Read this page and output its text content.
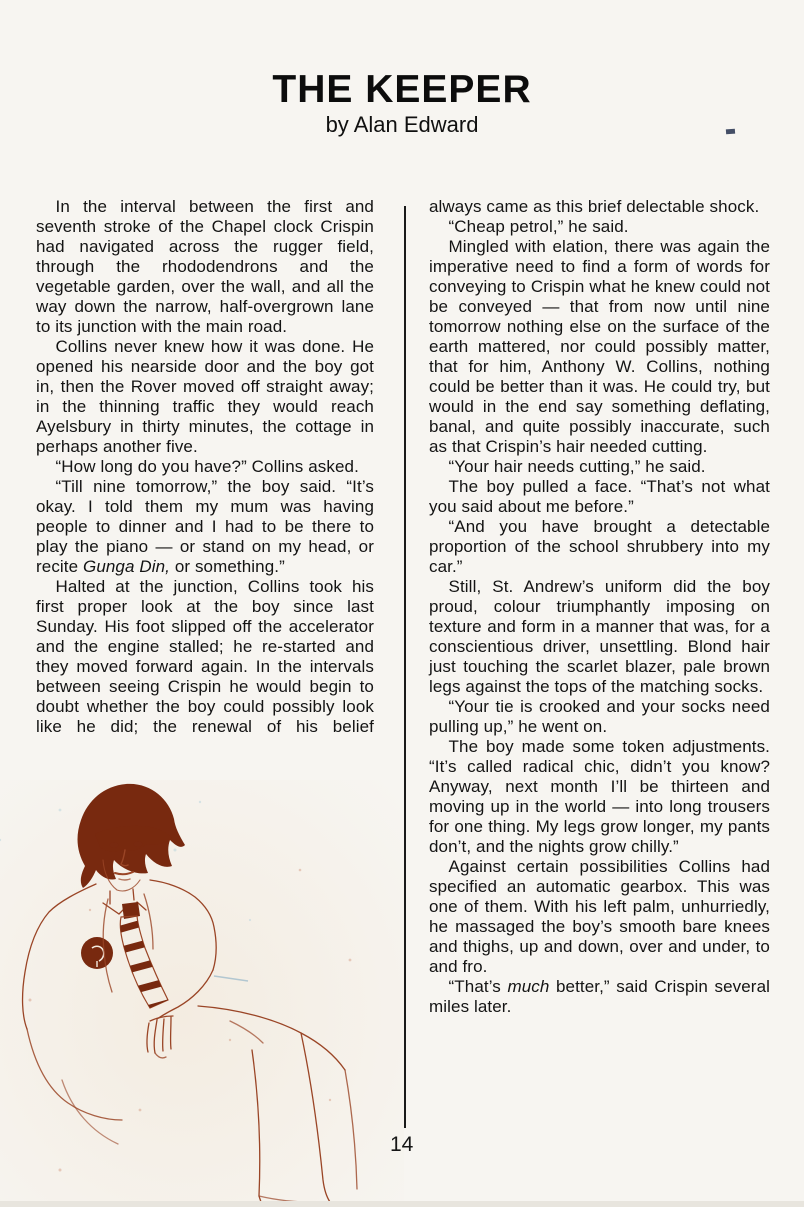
THE KEEPER
by Alan Edward

In the interval between the first and seventh stroke of the Chapel clock Crispin had navigated across the rugger field, through the rhododendrons and the vegetable garden, over the wall, and all the way down the narrow, half-overgrown lane to its junction with the main road.

Collins never knew how it was done. He opened his nearside door and the boy got in, then the Rover moved off straight away; in the thinning traffic they would reach Ayelsbury in thirty minutes, the cottage in perhaps another five.

“How long do you have?” Collins asked.

“Till nine tomorrow,” the boy said. “It’s okay. I told them my mum was having people to dinner and I had to be there to play the piano — or stand on my head, or recite Gunga Din, or something.”

Halted at the junction, Collins took his first proper look at the boy since last Sunday. His foot slipped off the accelerator and the engine stalled; he re-started and they moved forward again. In the intervals between seeing Crispin he would begin to doubt whether the boy could possibly look like he did; the renewal of his belief

always came as this brief delectable shock.

“Cheap petrol,” he said.

Mingled with elation, there was again the imperative need to find a form of words for conveying to Crispin what he knew could not be conveyed — that from now until nine tomorrow nothing else on the surface of the earth mattered, nor could possibly matter, that for him, Anthony W. Collins, nothing could be better than it was. He could try, but would in the end say something deflating, banal, and quite possibly inaccurate, such as that Crispin’s hair needed cutting.

“Your hair needs cutting,” he said.

The boy pulled a face. “That’s not what you said about me before.”

“And you have brought a detectable proportion of the school shrubbery into my car.”

Still, St. Andrew’s uniform did the boy proud, colour triumphantly imposing on texture and form in a manner that was, for a conscientious driver, unsettling. Blond hair just touching the scarlet blazer, pale brown legs against the tops of the matching socks.

“Your tie is crooked and your socks need pulling up,” he went on.

The boy made some token adjustments. “It’s called radical chic, didn’t you know? Anyway, next month I’ll be thirteen and moving up in the world — into long trousers for one thing. My legs grow longer, my pants don’t, and the nights grow chilly.”

Against certain possibilities Collins had specified an automatic gearbox. This was one of them. With his left palm, unhurriedly, he massaged the boy’s smooth bare knees and thighs, up and down, over and under, to and fro.

“That’s much better,” said Crispin several miles later.

14
